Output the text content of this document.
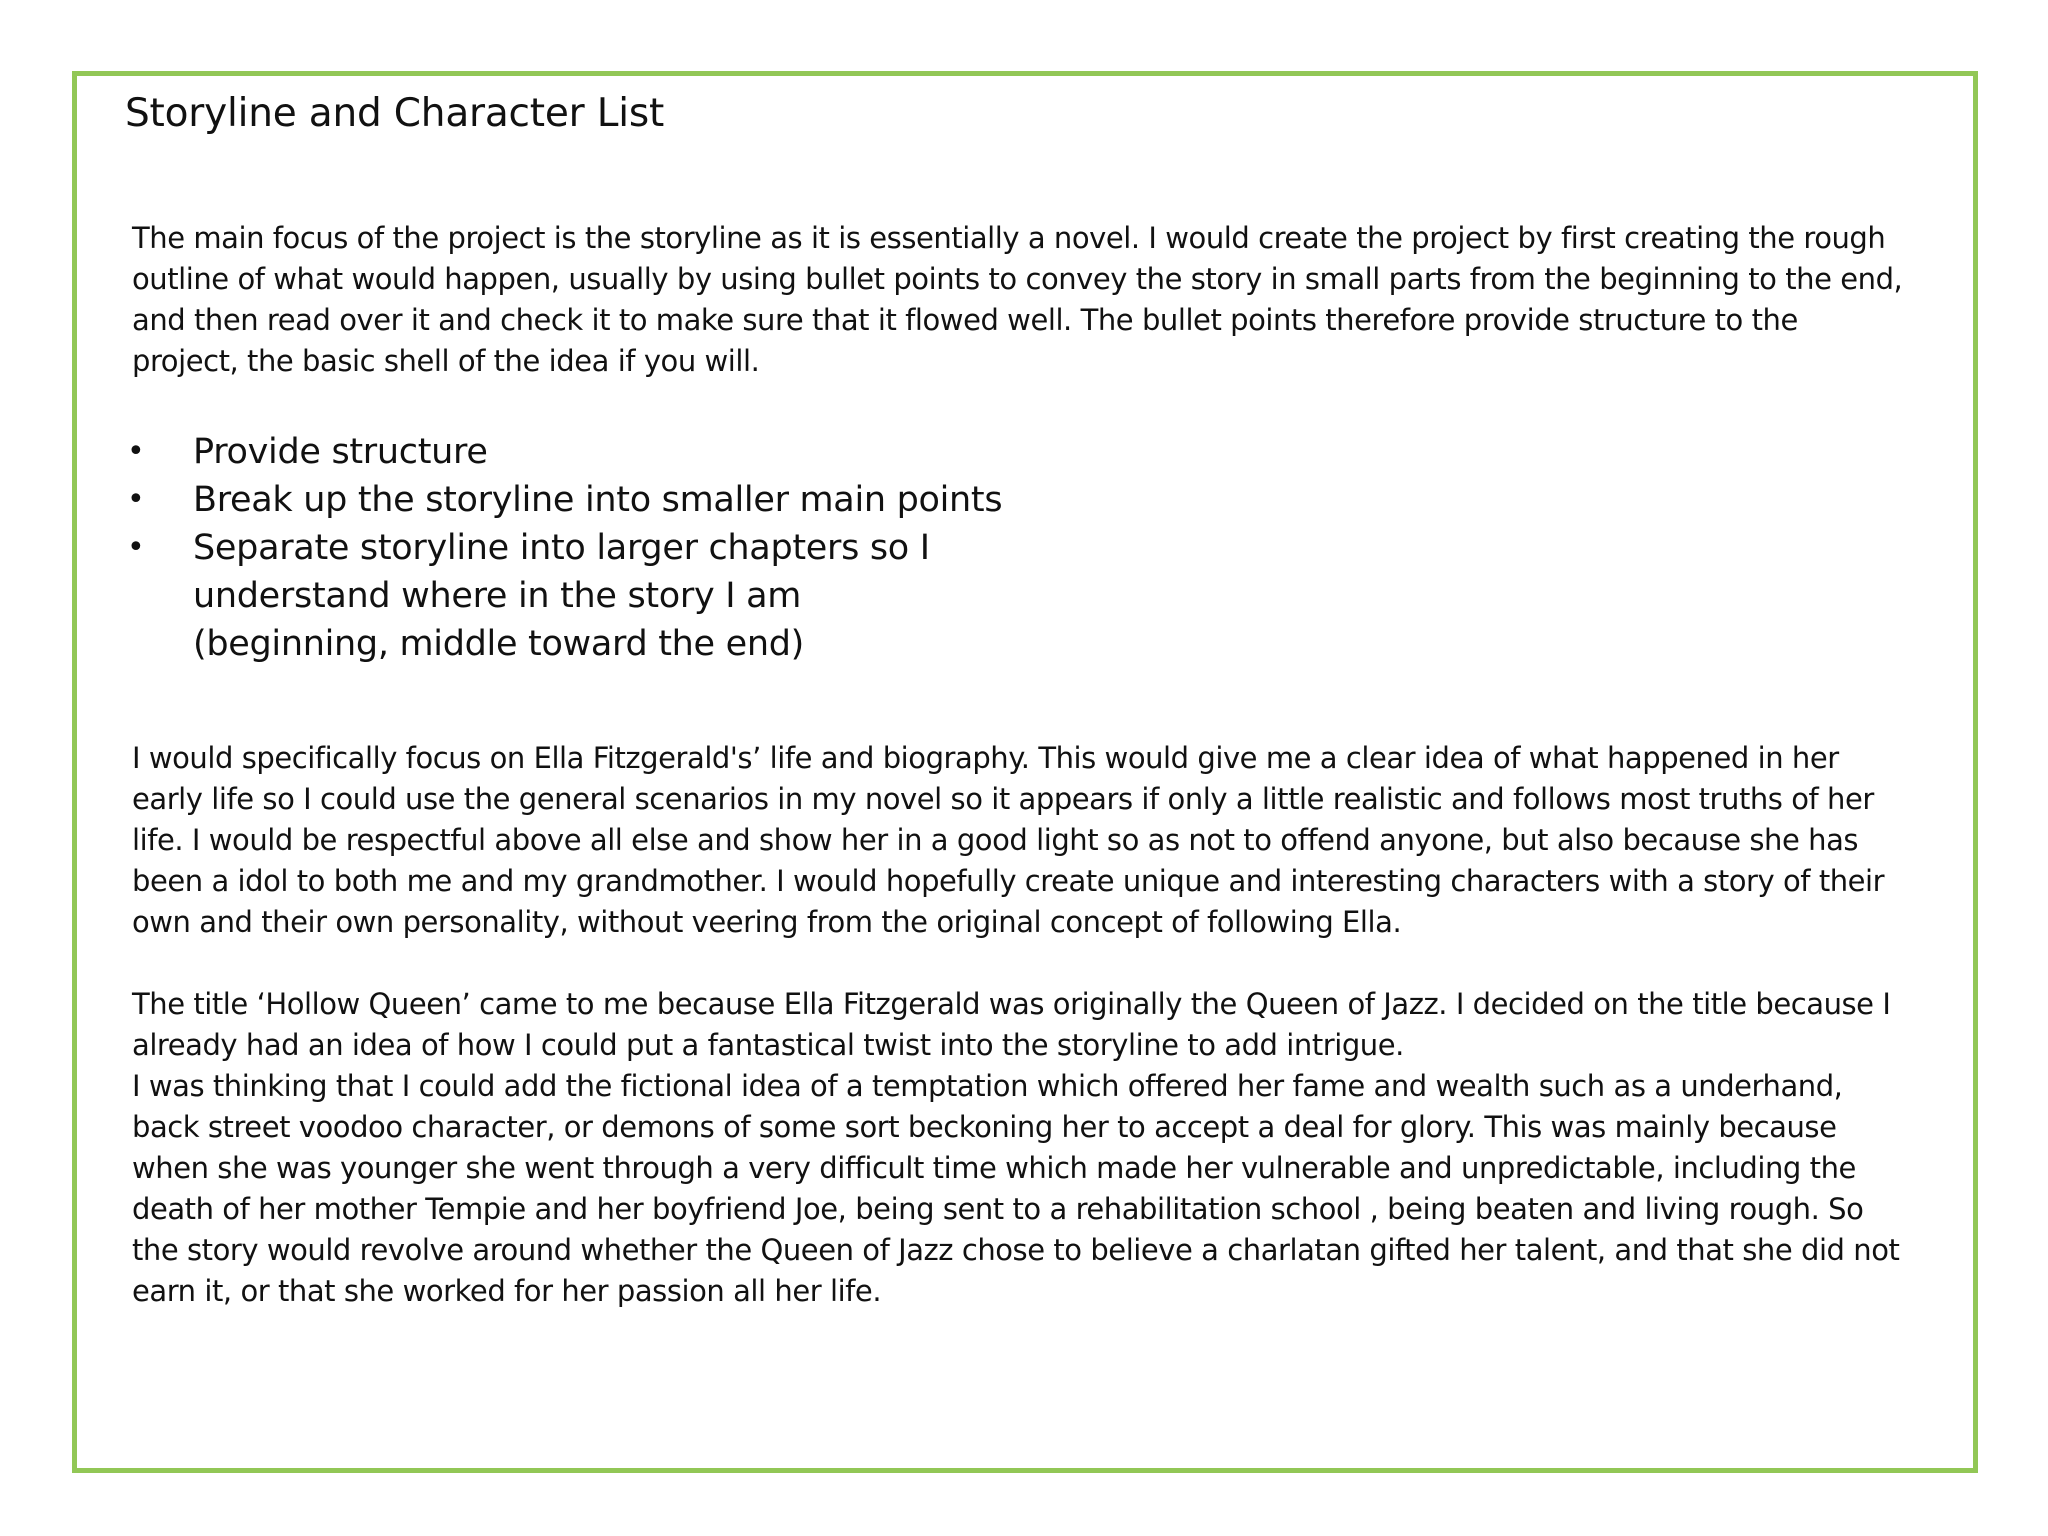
Storyline and Character List

The main focus of the project is the storyline as it is essentially a novel. I would create the project by first creating the rough outline of what would happen, usually by using bullet points to convey the story in small parts from the beginning to the end, and then read over it and check it to make sure that it flowed well. The bullet points therefore provide structure to the project, the basic shell of the idea if you will.

• Provide structure
• Break up the storyline into smaller main points
• Separate storyline into larger chapters so I understand where in the story I am (beginning, middle toward the end)

I would specifically focus on Ella Fitzgerald's’ life and biography. This would give me a clear idea of what happened in her early life so I could use the general scenarios in my novel so it appears if only a little realistic and follows most truths of her life. I would be respectful above all else and show her in a good light so as not to offend anyone, but also because she has been a idol to both me and my grandmother. I would hopefully create unique and interesting characters with a story of their own and their own personality, without veering from the original concept of following Ella.

The title ‘Hollow Queen’ came to me because Ella Fitzgerald was originally the Queen of Jazz. I decided on the title because I already had an idea of how I could put a fantastical twist into the storyline to add intrigue.
I was thinking that I could add the fictional idea of a temptation which offered her fame and wealth such as a underhand, back street voodoo character, or demons of some sort beckoning her to accept a deal for glory. This was mainly because when she was younger she went through a very difficult time which made her vulnerable and unpredictable, including the death of her mother Tempie and her boyfriend Joe, being sent to a rehabilitation school , being beaten and living rough. So the story would revolve around whether the Queen of Jazz chose to believe a charlatan gifted her talent, and that she did not earn it, or that she worked for her passion all her life.
